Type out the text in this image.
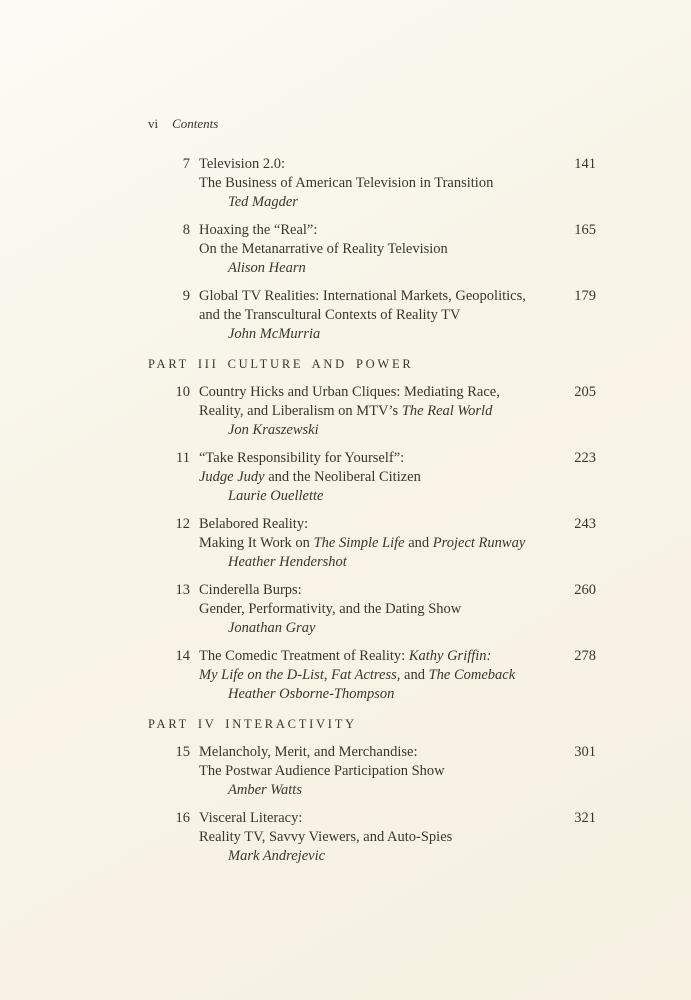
vi Contents
7 Television 2.0:
The Business of American Television in Transition
Ted Magder
141
8 Hoaxing the “Real”:
On the Metanarrative of Reality Television
Alison Hearn
165
9 Global TV Realities: International Markets, Geopolitics,
and the Transcultural Contexts of Reality TV
John McMurria
179
PART III CULTURE AND POWER
10 Country Hicks and Urban Cliques: Mediating Race,
Reality, and Liberalism on MTV’s The Real World
Jon Kraszewski
205
11 “Take Responsibility for Yourself”:
Judge Judy and the Neoliberal Citizen
Laurie Ouellette
223
12 Belabored Reality:
Making It Work on The Simple Life and Project Runway
Heather Hendershot
243
13 Cinderella Burps:
Gender, Performativity, and the Dating Show
Jonathan Gray
260
14 The Comedic Treatment of Reality: Kathy Griffin:
My Life on the D-List, Fat Actress, and The Comeback
Heather Osborne-Thompson
278
PART IV INTERACTIVITY
15 Melancholy, Merit, and Merchandise:
The Postwar Audience Participation Show
Amber Watts
301
16 Visceral Literacy:
Reality TV, Savvy Viewers, and Auto-Spies
Mark Andrejevic
321
